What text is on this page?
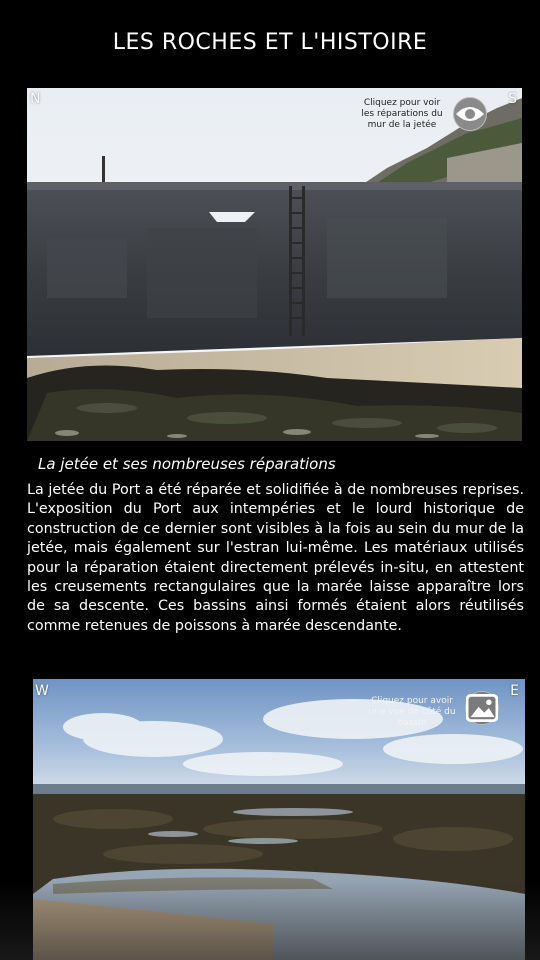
LES ROCHES ET L'HISTOIRE
N	S
Cliquez pour voir les réparations du mur de la jetée
La jetée et ses nombreuses réparations
La jetée du Port a été réparée et solidifiée à de nombreuses reprises. L'exposition du Port aux intempéries et le lourd historique de construction de ce dernier sont visibles à la fois au sein du mur de la jetée, mais également sur l'estran lui-même. Les matériaux utilisés pour la réparation étaient directement prélevés in-situ, en attestent les creusements rectangulaires que la marée laisse apparaître lors de sa descente. Ces bassins ainsi formés étaient alors réutilisés comme retenues de poissons à marée descendante.
W	E
Cliquez pour avoir une vue de côté du bassin
